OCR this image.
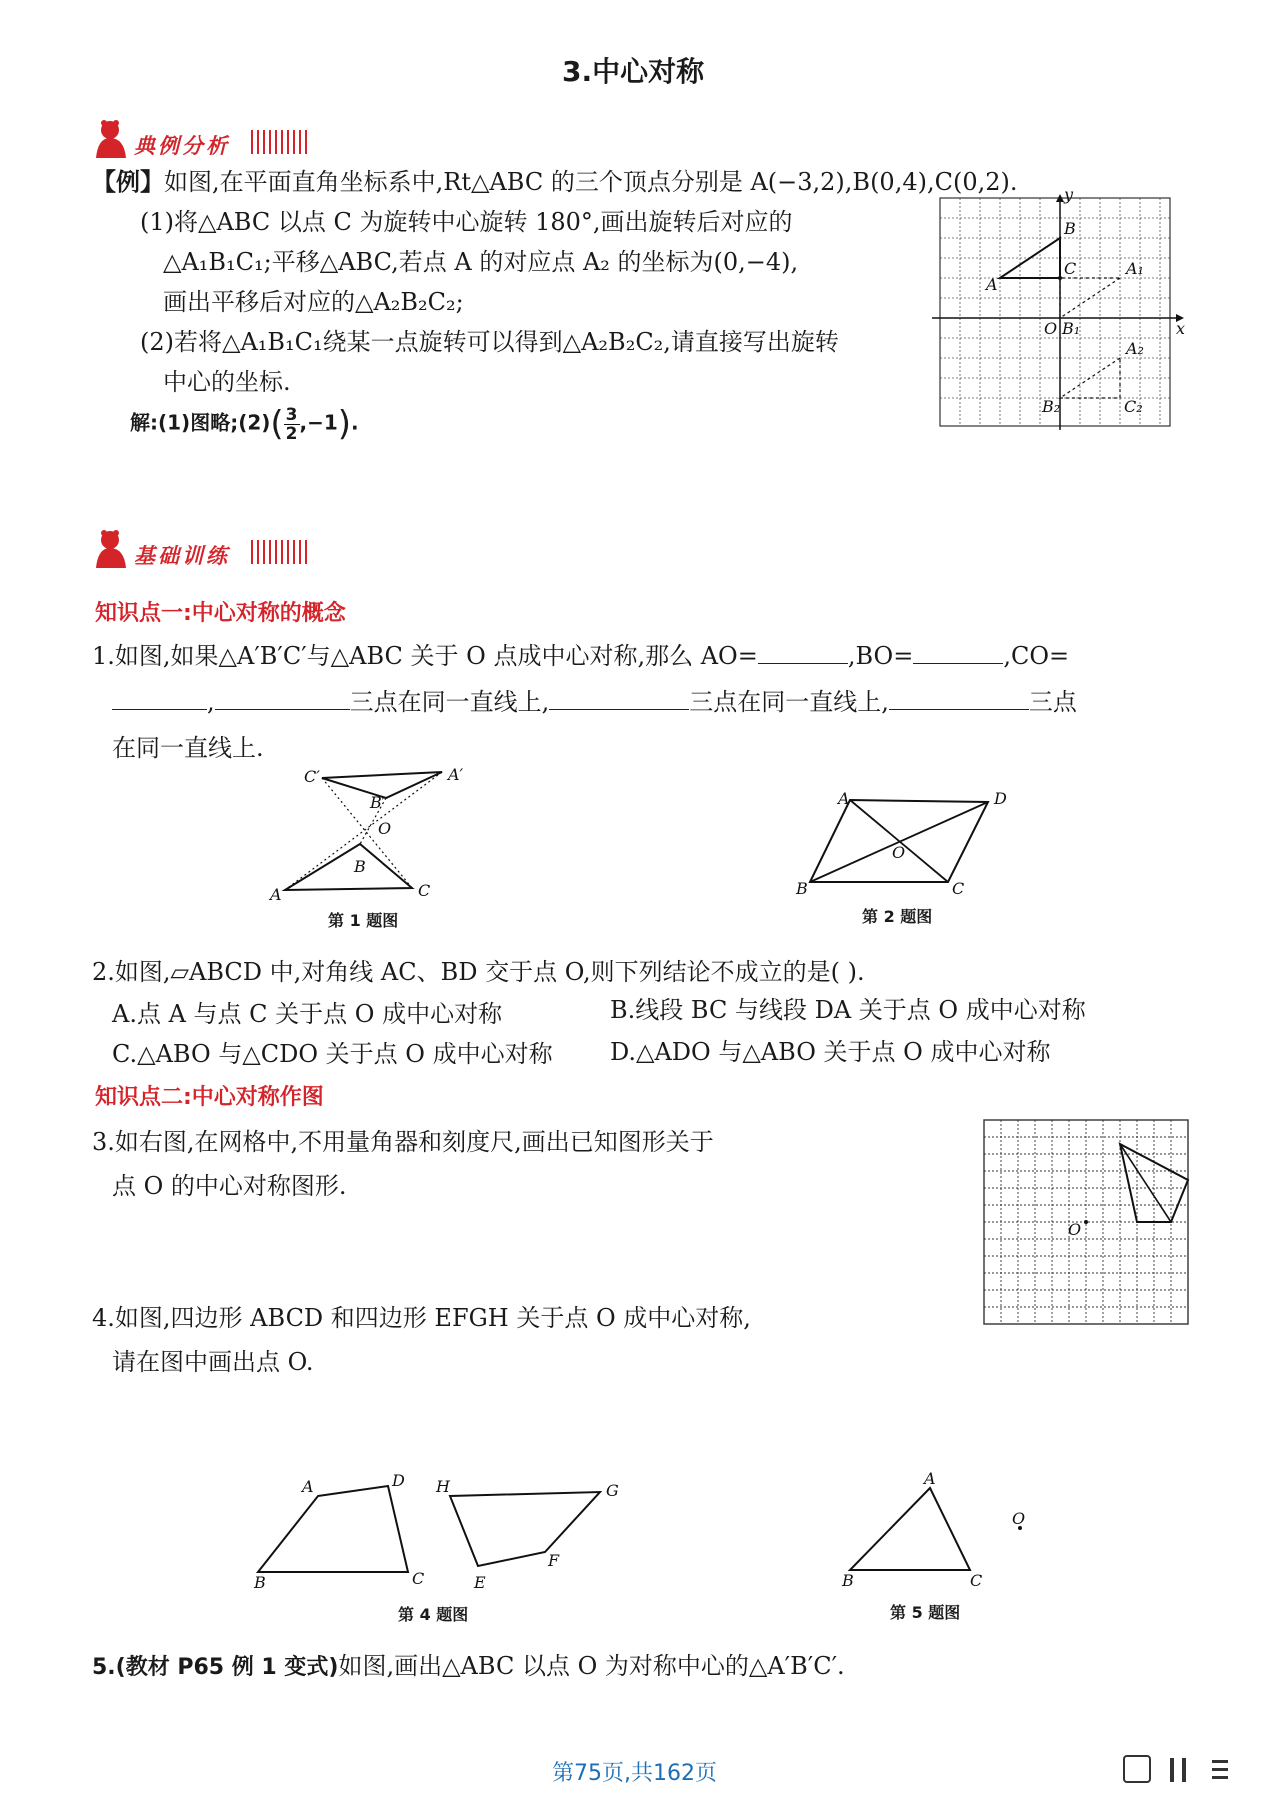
3.中心对称
典例分析
【例】如图,在平面直角坐标系中,Rt△ABC 的三个顶点分别是 A(−3,2),B(0,4),C(0,2).
(1)将△ABC 以点 C 为旋转中心旋转 180°,画出旋转后对应的
△A₁B₁C₁;平移△ABC,若点 A 的对应点 A₂ 的坐标为(0,−4),
画出平移后对应的△A₂B₂C₂;
(2)若将△A₁B₁C₁绕某一点旋转可以得到△A₂B₂C₂,请直接写出旋转
中心的坐标.
解:(1)图略;(2)( $\frac{3}{2} ,-1$).
y
x
B
C
A
A₁
O B₁
A₂
B₂	C₂
基础训练
知识点一:中心对称的概念
1.如图,如果△A′B′C′与△ABC 关于 O 点成中心对称,那么 AO=	,BO=	,CO=
,	三点在同一直线上,	三点在同一直线上,	三点
在同一直线上.
C′	A′
B′
O
B
A	C
第 1 题图
A	D
O
B	C
第 2 题图
2.如图,▱ABCD 中,对角线 AC、BD 交于点 O,则下列结论不成立的是( ).
A.点 A 与点 C 关于点 O 成中心对称	B.线段 BC 与线段 DA 关于点 O 成中心对称
C.△ABO 与△CDO 关于点 O 成中心对称 D.△ADO 与△ABO 关于点 O 成中心对称
知识点二:中心对称作图
3.如右图,在网格中,不用量角器和刻度尺,画出已知图形关于
点 O 的中心对称图形.
O
4.如图,四边形 ABCD 和四边形 EFGH 关于点 O 成中心对称,
请在图中画出点 O.
A	D
B	C
H	G
E
F
第 4 题图
A
B	C
O
第 5 题图
5.(教材 P65 例 1 变式)如图,画出△ABC 以点 O 为对称中心的△A′B′C′.
第75页,共162页
